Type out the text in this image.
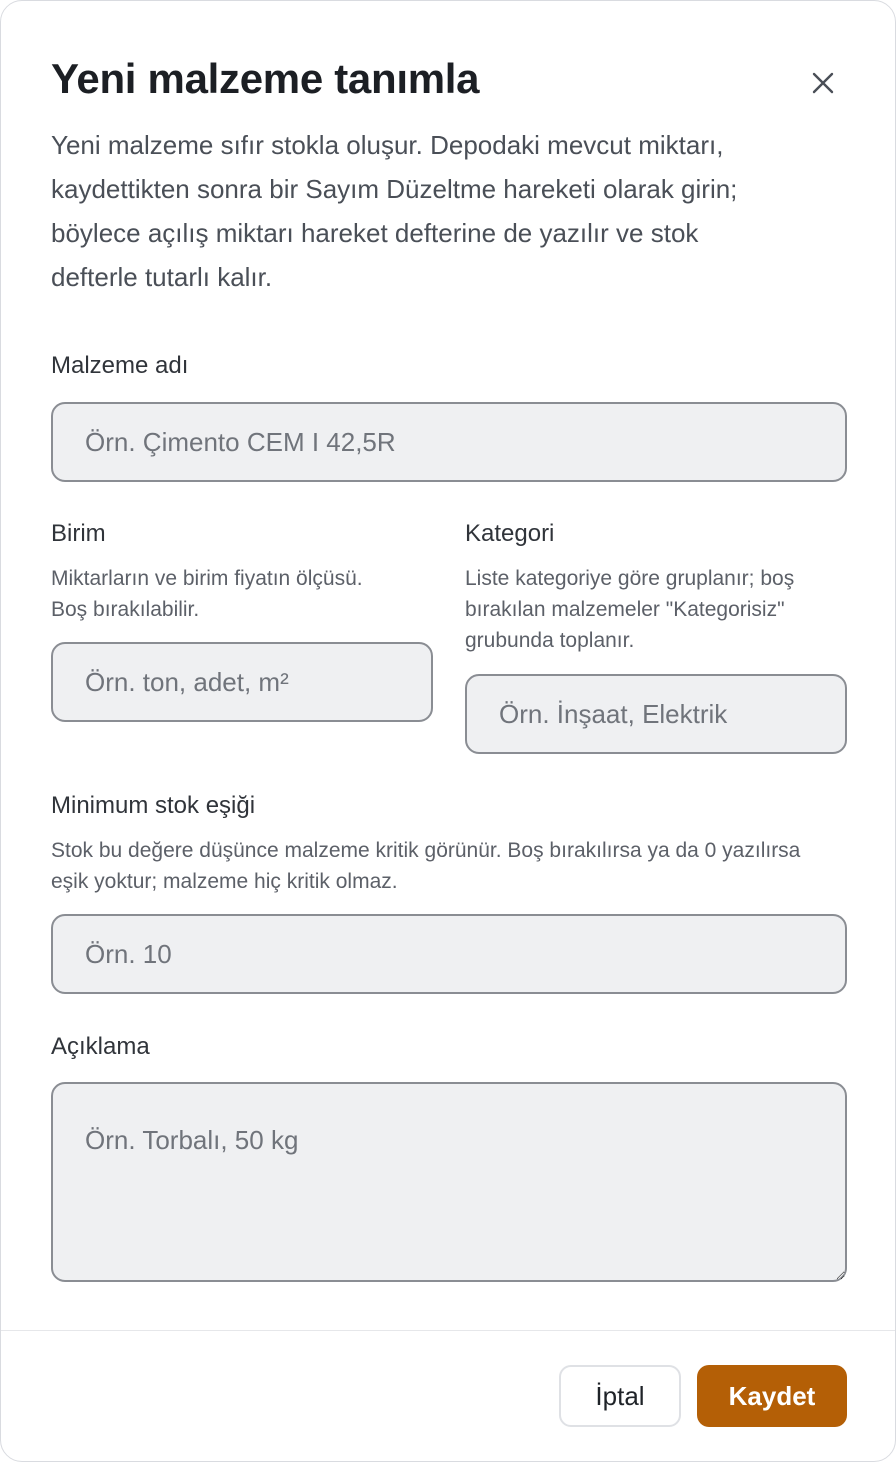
Yeni malzeme tanımla

Yeni malzeme sıfır stokla oluşur. Depodaki mevcut miktarı, kaydettikten sonra bir Sayım Düzeltme hareketi olarak girin; böylece açılış miktarı hareket defterine de yazılır ve stok defterle tutarlı kalır.

Malzeme adı
Örn. Çimento CEM I 42,5R
Birim
Miktarların ve birim fiyatın ölçüsü. Boş bırakılabilir.
Örn. ton, adet, m²
Kategori
Liste kategoriye göre gruplanır; boş bırakılan malzemeler "Kategorisiz" grubunda toplanır.
Örn. İnşaat, Elektrik
Minimum stok eşiği
Stok bu değere düşünce malzeme kritik görünür. Boş bırakılırsa ya da 0 yazılırsa eşik yoktur; malzeme hiç kritik olmaz.
Örn. 10
Açıklama
Örn. Torbalı, 50 kg
İptal	Kaydet
